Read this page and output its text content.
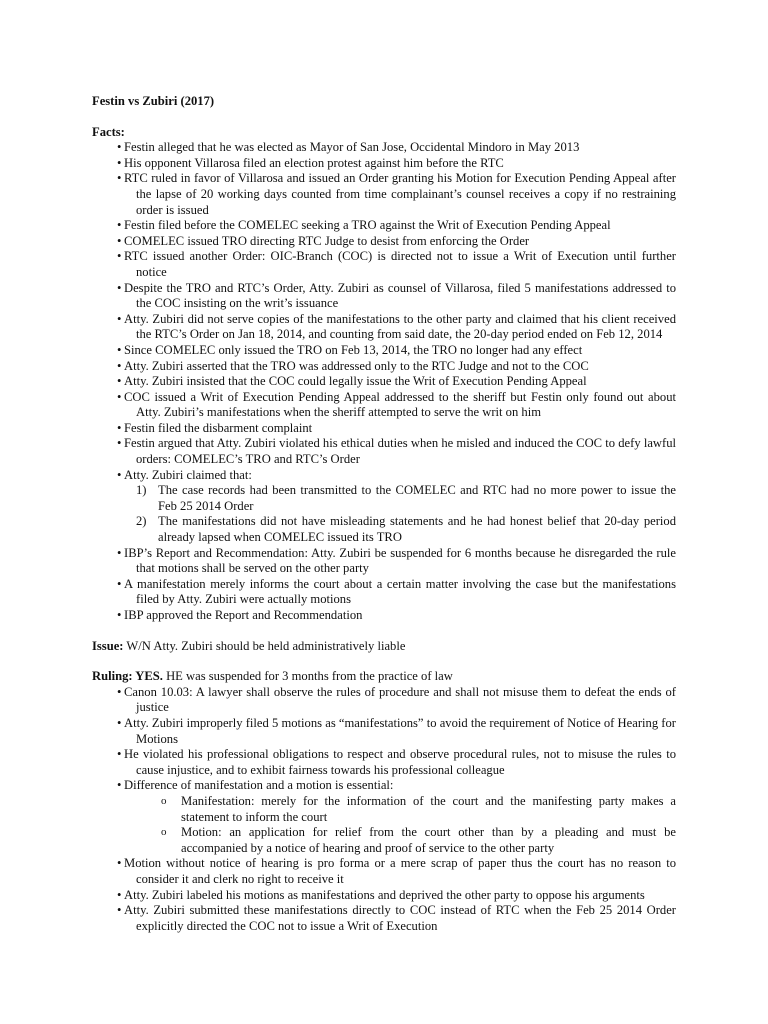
Festin vs Zubiri (2017)
Facts:
• Festin alleged that he was elected as Mayor of San Jose, Occidental Mindoro in May 2013
• His opponent Villarosa filed an election protest against him before the RTC
• RTC ruled in favor of Villarosa and issued an Order granting his Motion for Execution Pending Appeal after the lapse of 20 working days counted from time complainant’s counsel receives a copy if no restraining order is issued
• Festin filed before the COMELEC seeking a TRO against the Writ of Execution Pending Appeal
• COMELEC issued TRO directing RTC Judge to desist from enforcing the Order
• RTC issued another Order: OIC-Branch (COC) is directed not to issue a Writ of Execution until further notice
• Despite the TRO and RTC’s Order, Atty. Zubiri as counsel of Villarosa, filed 5 manifestations addressed to the COC insisting on the writ’s issuance
• Atty. Zubiri did not serve copies of the manifestations to the other party and claimed that his client received the RTC’s Order on Jan 18, 2014, and counting from said date, the 20-day period ended on Feb 12, 2014
• Since COMELEC only issued the TRO on Feb 13, 2014, the TRO no longer had any effect
• Atty. Zubiri asserted that the TRO was addressed only to the RTC Judge and not to the COC
• Atty. Zubiri insisted that the COC could legally issue the Writ of Execution Pending Appeal
• COC issued a Writ of Execution Pending Appeal addressed to the sheriff but Festin only found out about Atty. Zubiri’s manifestations when the sheriff attempted to serve the writ on him
• Festin filed the disbarment complaint
• Festin argued that Atty. Zubiri violated his ethical duties when he misled and induced the COC to defy lawful orders: COMELEC’s TRO and RTC’s Order
• Atty. Zubiri claimed that:
1) The case records had been transmitted to the COMELEC and RTC had no more power to issue the Feb 25 2014 Order
2) The manifestations did not have misleading statements and he had honest belief that 20-day period already lapsed when COMELEC issued its TRO
• IBP’s Report and Recommendation: Atty. Zubiri be suspended for 6 months because he disregarded the rule that motions shall be served on the other party
• A manifestation merely informs the court about a certain matter involving the case but the manifestations filed by Atty. Zubiri were actually motions
• IBP approved the Report and Recommendation

Issue: W/N Atty. Zubiri should be held administratively liable

Ruling: YES. HE was suspended for 3 months from the practice of law

• Canon 10.03: A lawyer shall observe the rules of procedure and shall not misuse them to defeat the ends of justice
• Atty. Zubiri improperly filed 5 motions as “manifestations” to avoid the requirement of Notice of Hearing for Motions
• He violated his professional obligations to respect and observe procedural rules, not to misuse the rules to cause injustice, and to exhibit fairness towards his professional colleague
• Difference of manifestation and a motion is essential:
o Manifestation: merely for the information of the court and the manifesting party makes a statement to inform the court
o Motion: an application for relief from the court other than by a pleading and must be accompanied by a notice of hearing and proof of service to the other party
• Motion without notice of hearing is pro forma or a mere scrap of paper thus the court has no reason to consider it and clerk no right to receive it
• Atty. Zubiri labeled his motions as manifestations and deprived the other party to oppose his arguments
• Atty. Zubiri submitted these manifestations directly to COC instead of RTC when the Feb 25 2014 Order explicitly directed the COC not to issue a Writ of Execution
